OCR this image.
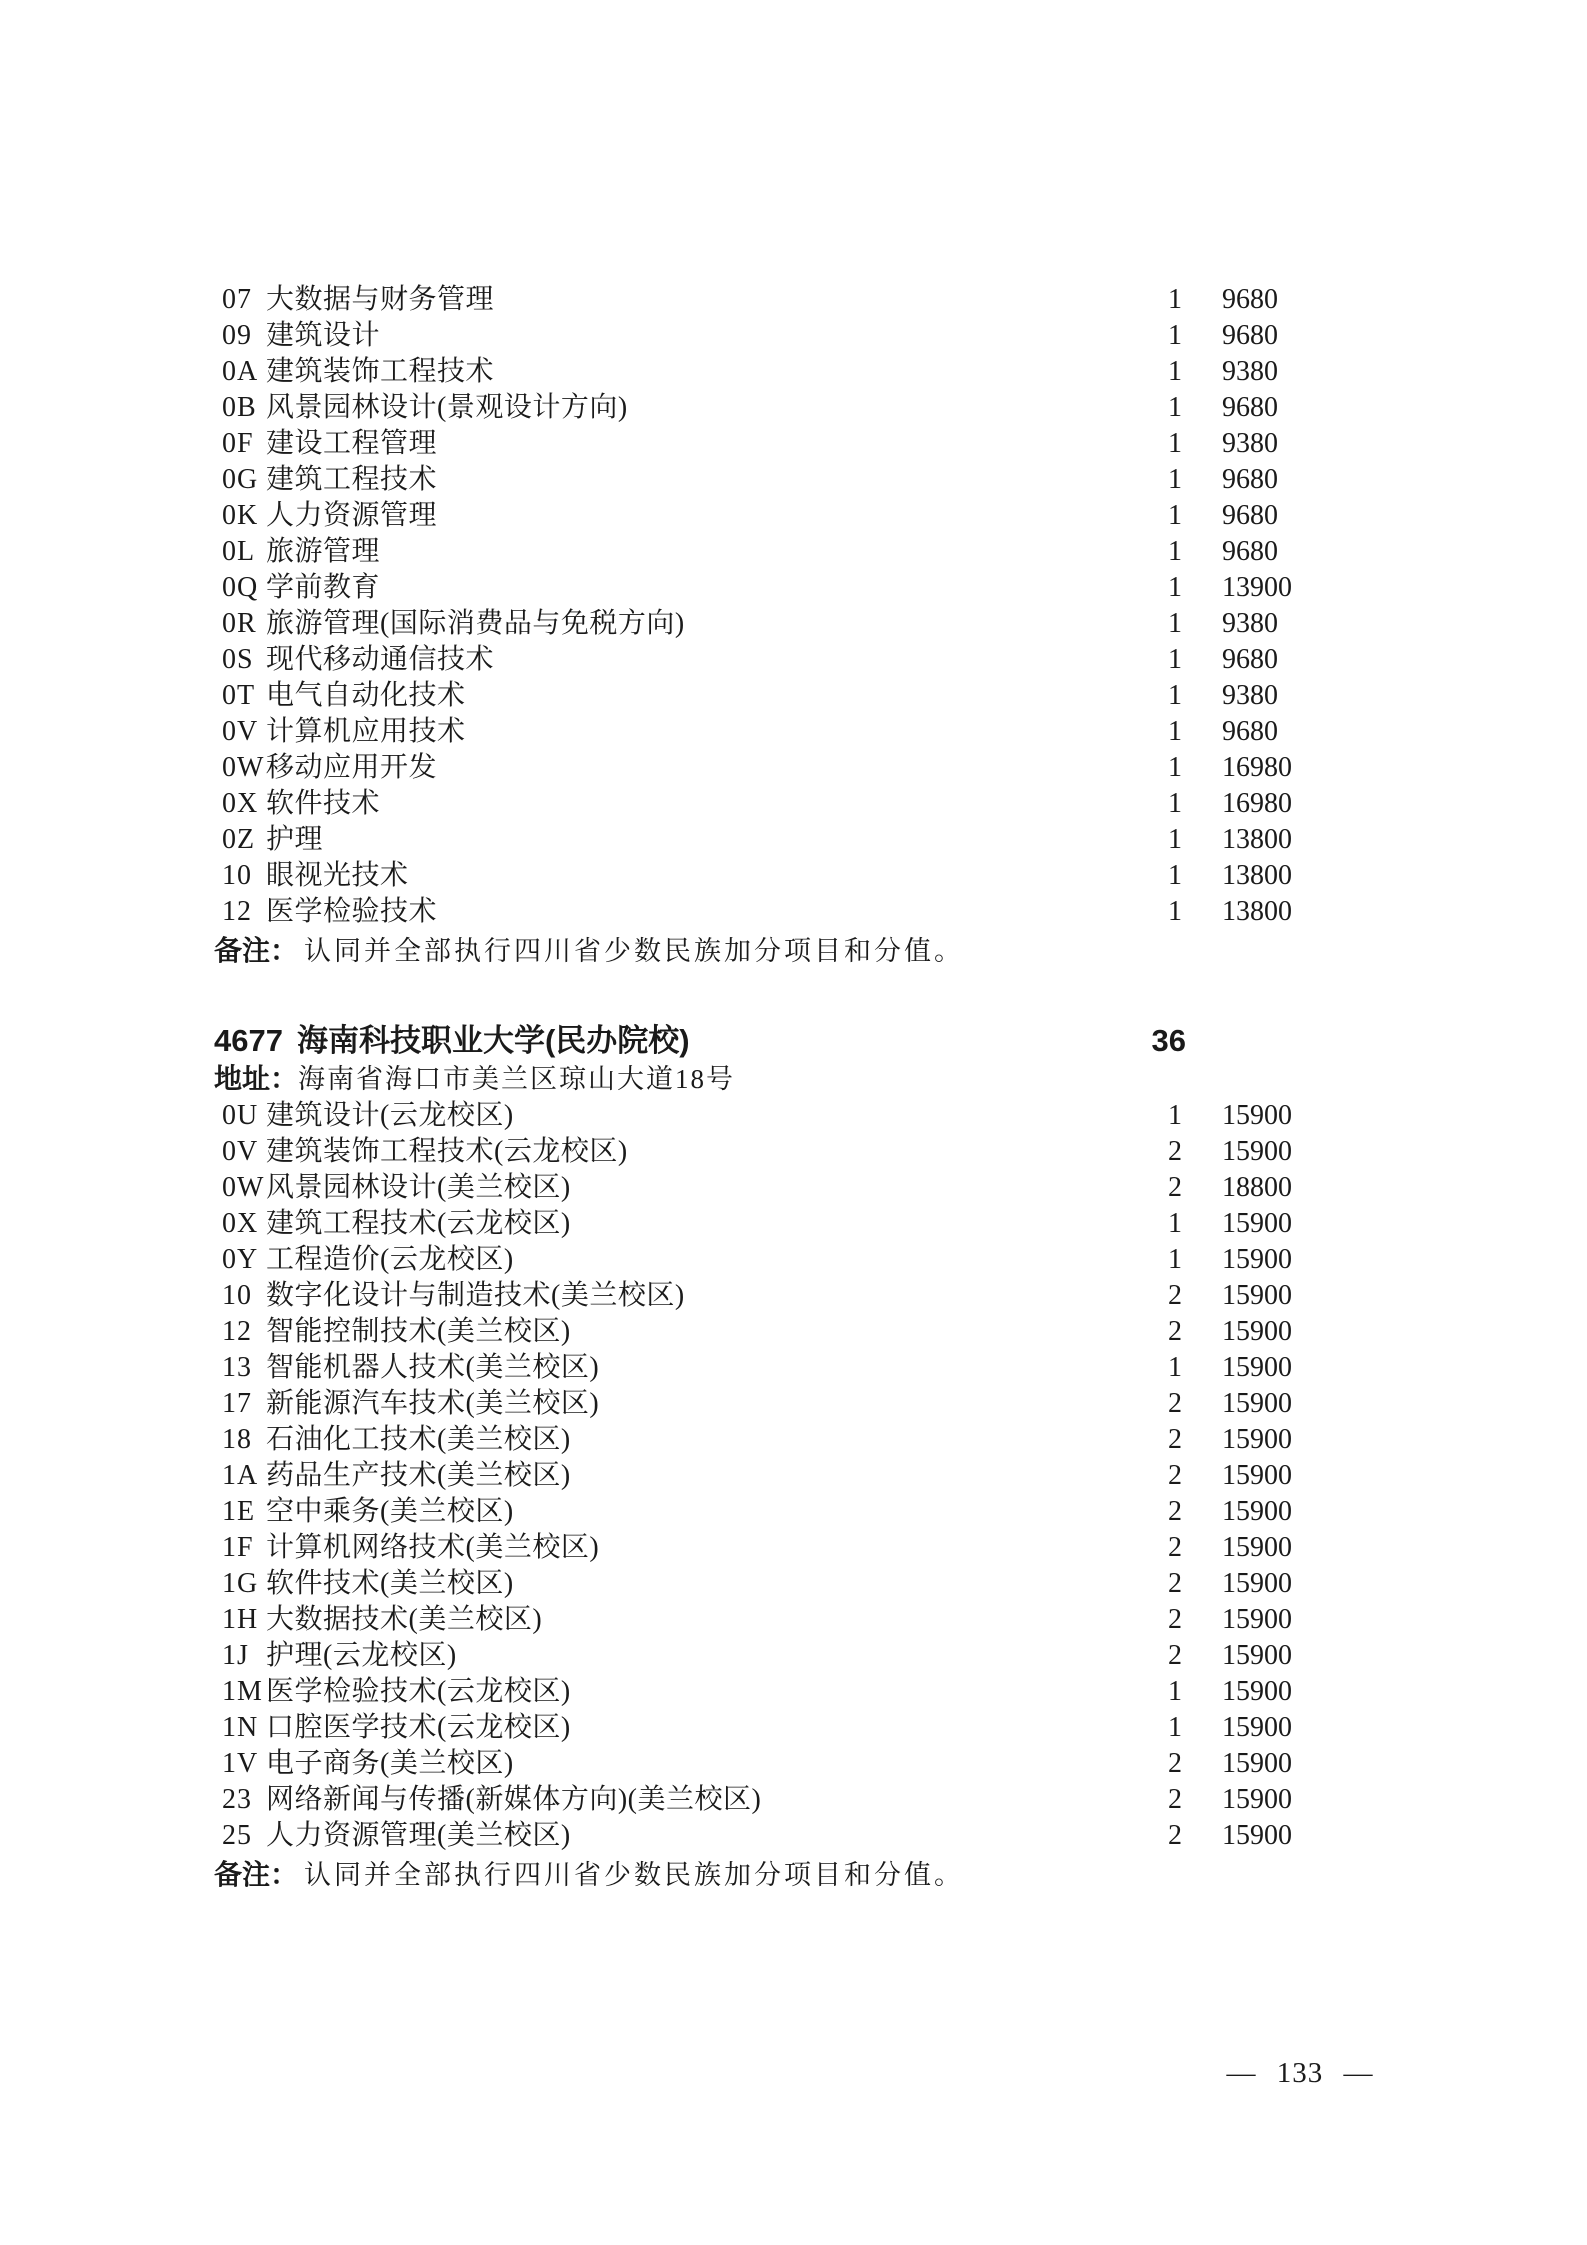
07 大数据与财务管理	1 9680
09 建筑设计	1 9680
0A 建筑装饰工程技术	1 9380
0B 风景园林设计(景观设计方向)	1 9680
0F 建设工程管理	1 9380
0G 建筑工程技术	1 9680
0K 人力资源管理	1 9680
0L 旅游管理	1 9680
0Q 学前教育	1 13900
0R 旅游管理(国际消费品与免税方向)	1 9380
0S 现代移动通信技术	1 9680
0T 电气自动化技术	1 9380
0V 计算机应用技术	1 9680
0W 移动应用开发	1 16980
0X 软件技术	1 16980
0Z 护理	1 13800
10 眼视光技术	1 13800
12 医学检验技术	1 13800
备注： 认同并全部执行四川省少数民族加分项目和分值。
4677 海南科技职业大学(民办院校)	36
地址： 海南省海口市美兰区琼山大道18号
0U 建筑设计(云龙校区)	1 15900
0V 建筑装饰工程技术(云龙校区)	2 15900
0W 风景园林设计(美兰校区)	2 18800
0X 建筑工程技术(云龙校区)	1 15900
0Y 工程造价(云龙校区)	1 15900
10 数字化设计与制造技术(美兰校区)	2 15900
12 智能控制技术(美兰校区)	2 15900
13 智能机器人技术(美兰校区)	1 15900
17 新能源汽车技术(美兰校区)	2 15900
18 石油化工技术(美兰校区)	2 15900
1A 药品生产技术(美兰校区)	2 15900
1E 空中乘务(美兰校区)	2 15900
1F 计算机网络技术(美兰校区)	2 15900
1G 软件技术(美兰校区)	2 15900
1H 大数据技术(美兰校区)	2 15900
1J 护理(云龙校区)	2 15900
1M 医学检验技术(云龙校区)	1 15900
1N 口腔医学技术(云龙校区)	1 15900
1V 电子商务(美兰校区)	2 15900
23 网络新闻与传播(新媒体方向)(美兰校区)	2 15900
25 人力资源管理(美兰校区)	2 15900
备注： 认同并全部执行四川省少数民族加分项目和分值。
— 133 —
